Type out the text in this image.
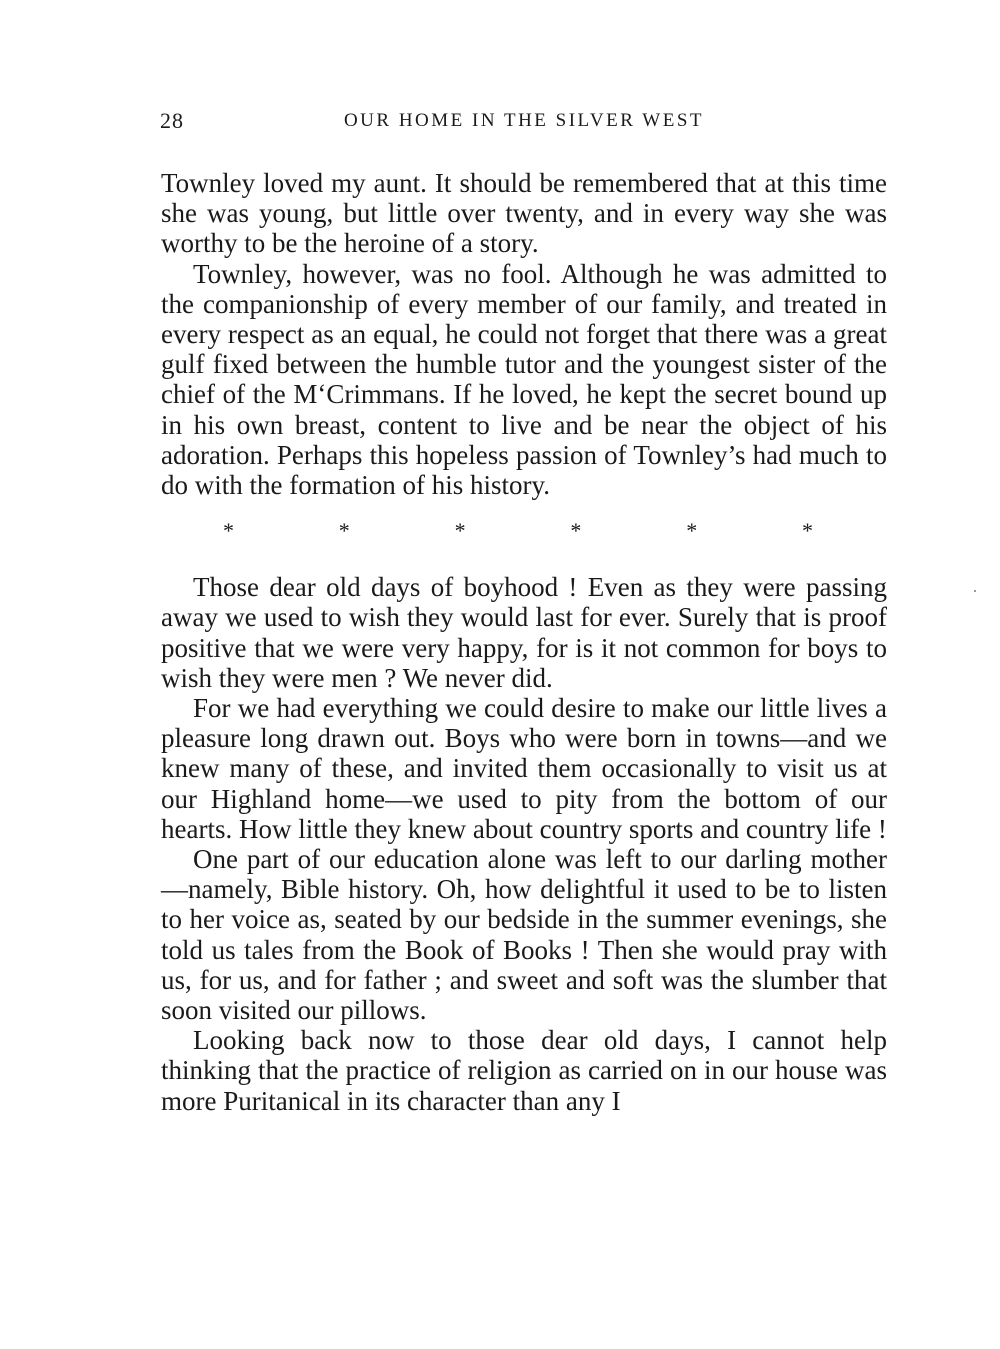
28	OUR HOME IN THE SILVER WEST

Townley loved my aunt. It should be remembered that at this time she was young, but little over twenty, and in every way she was worthy to be the heroine of a story.

Townley, however, was no fool. Although he was admitted to the companionship of every member of our family, and treated in every respect as an equal, he could not forget that there was a great gulf fixed between the humble tutor and the youngest sister of the chief of the M‘Crimmans. If he loved, he kept the secret bound up in his own breast, content to live and be near the object of his adoration. Perhaps this hopeless passion of Townley’s had much to do with the formation of his history.

*	*	*	*	*	*

Those dear old days of boyhood ! Even as they were passing away we used to wish they would last for ever. Surely that is proof positive that we were very happy, for is it not common for boys to wish they were men ? We never did.

For we had everything we could desire to make our little lives a pleasure long drawn out. Boys who were born in towns—and we knew many of these, and invited them occasionally to visit us at our Highland home—we used to pity from the bottom of our hearts. How little they knew about country sports and country life !

One part of our education alone was left to our darling mother—namely, Bible history. Oh, how delightful it used to be to listen to her voice as, seated by our bedside in the summer evenings, she told us tales from the Book of Books ! Then she would pray with us, for us, and for father ; and sweet and soft was the slumber that soon visited our pillows.

Looking back now to those dear old days, I cannot help thinking that the practice of religion as carried on in our house was more Puritanical in its character than any I
